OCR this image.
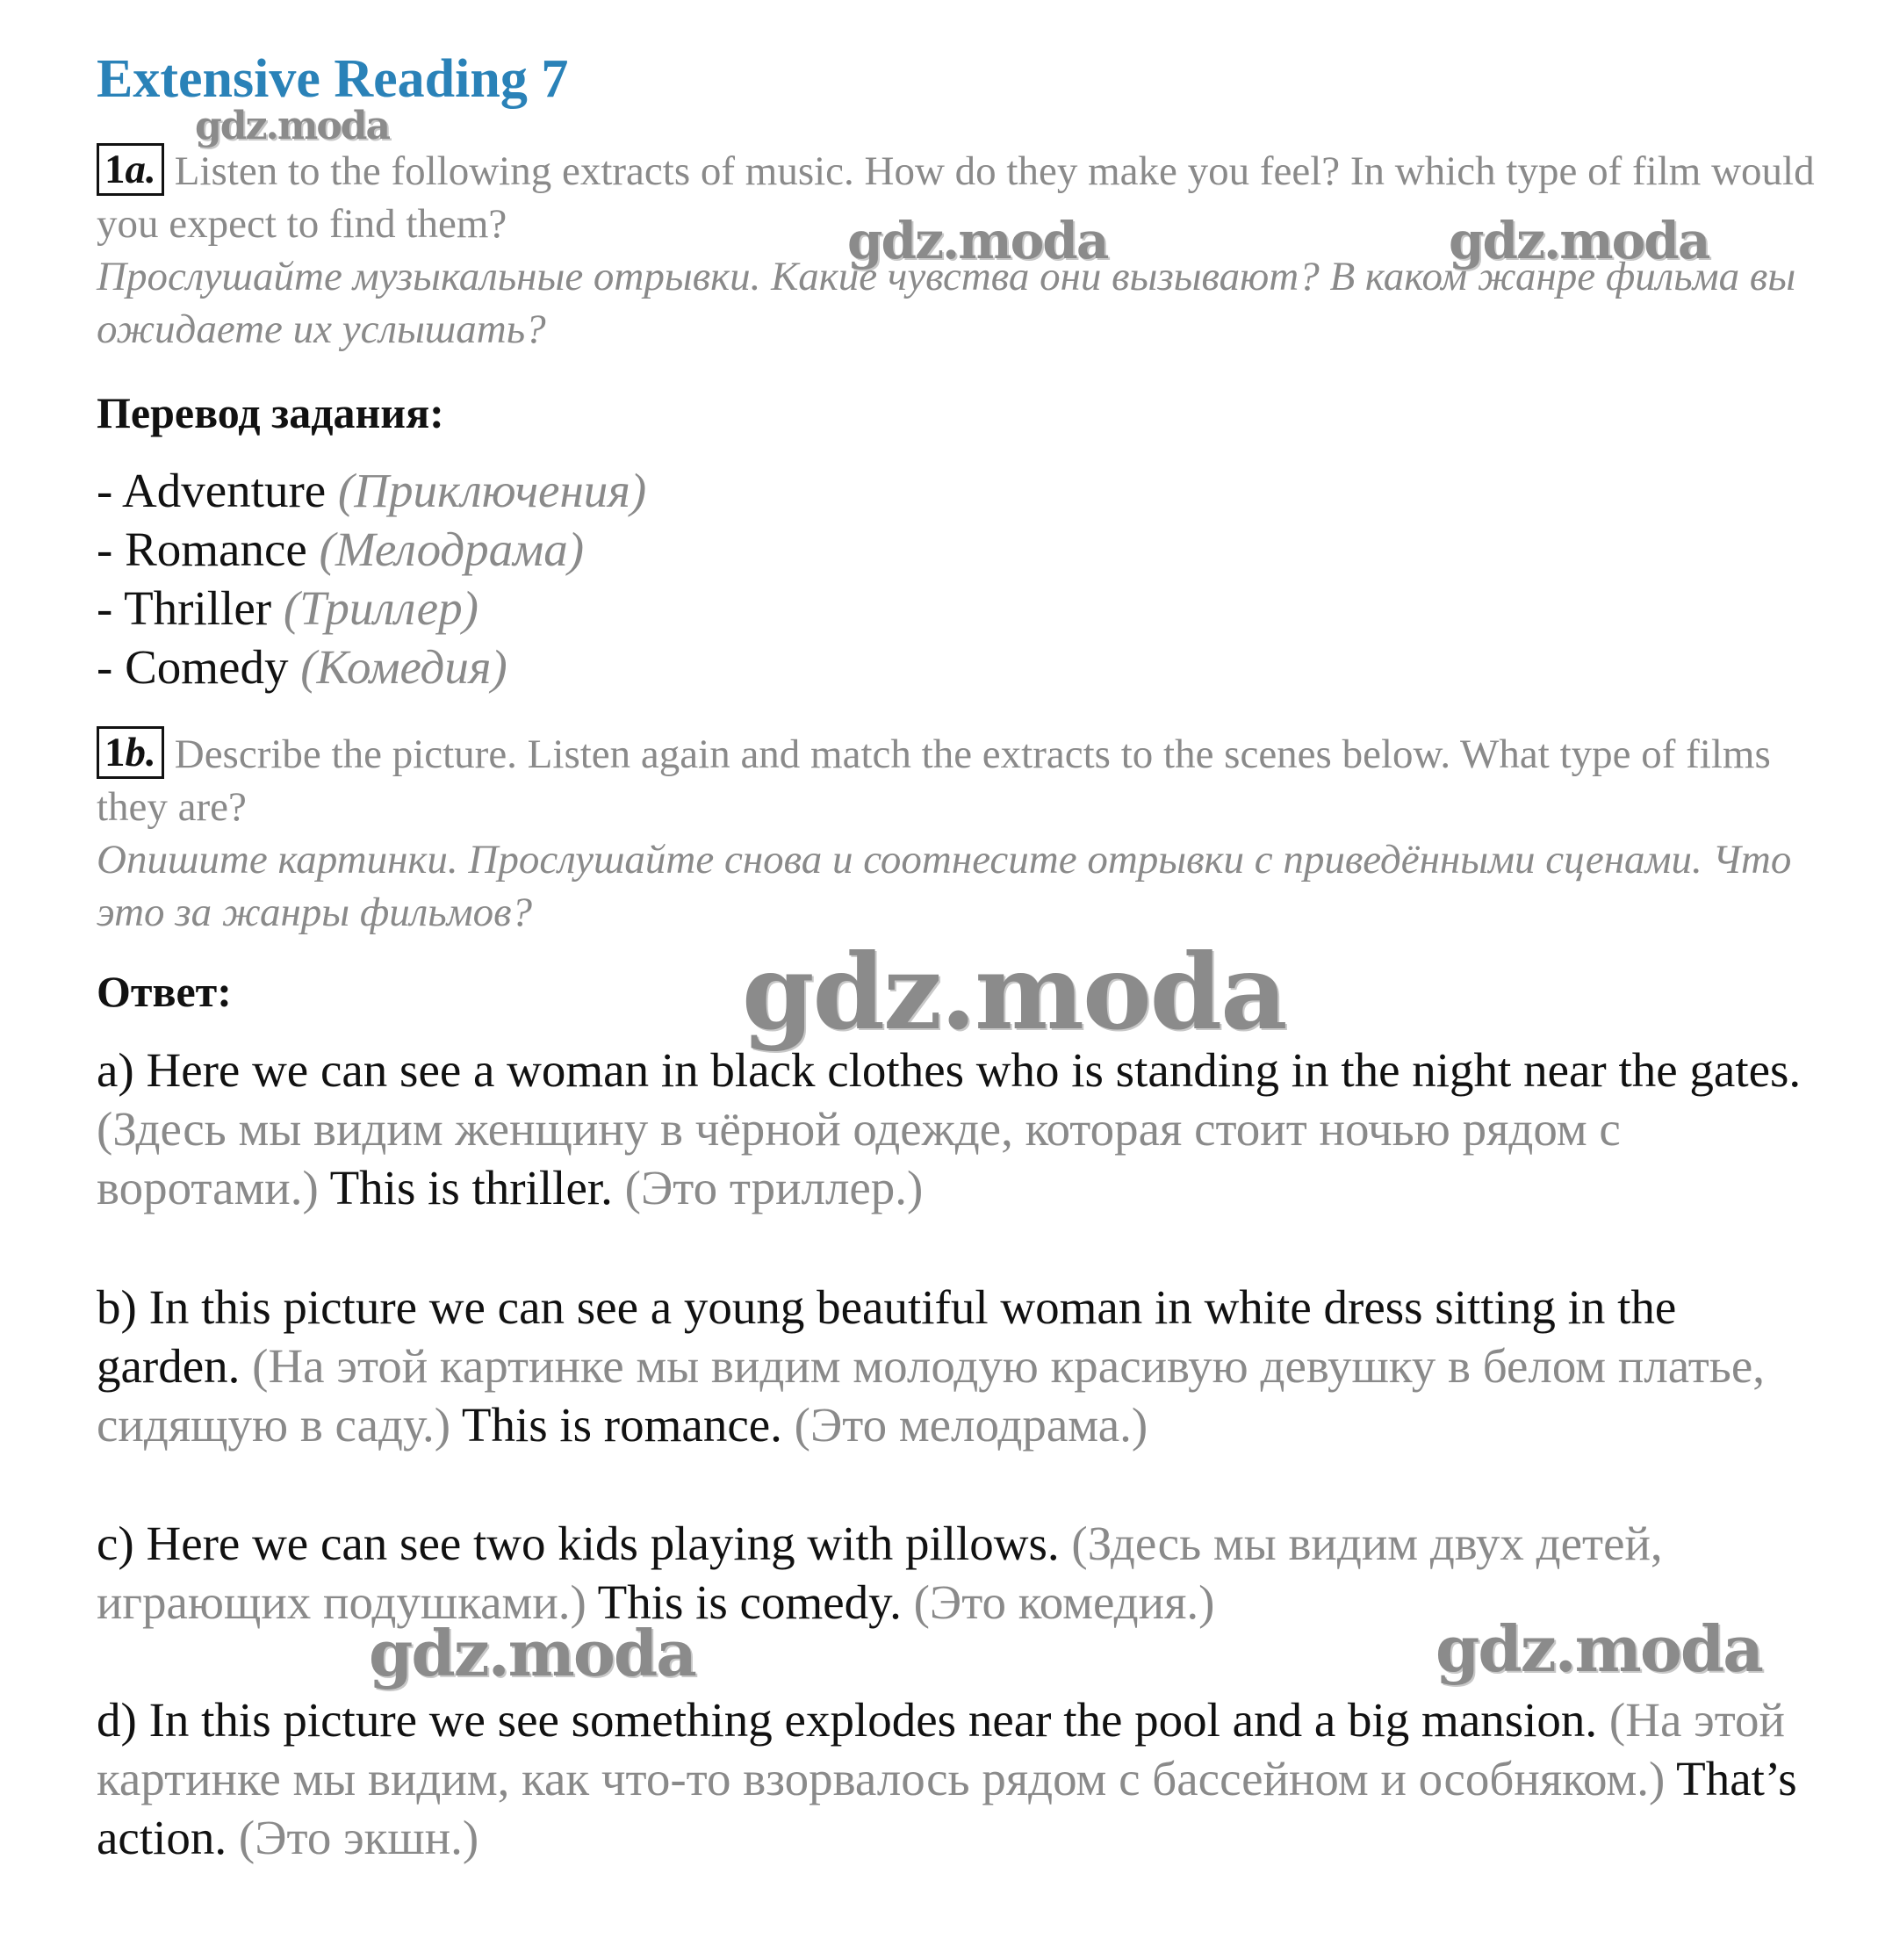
Extensive Reading 7
1a. Listen to the following extracts of music. How do they make you feel? In which type of film would you expect to find them?
Прослушайте музыкальные отрывки. Какие чувства они вызывают? В каком жанре фильма вы ожидаете их услышать?
Перевод задания:
- Adventure (Приключения)
- Romance (Мелодрама)
- Thriller (Триллер)
- Comedy (Комедия)
1b. Describe the picture. Listen again and match the extracts to the scenes below. What type of films they are?
Опишите картинки. Прослушайте снова и соотнесите отрывки с приведёнными сценами. Что это за жанры фильмов?
Ответ:
a) Here we can see a woman in black clothes who is standing in the night near the gates. (Здесь мы видим женщину в чёрной одежде, которая стоит ночью рядом с воротами.) This is thriller. (Это триллер.)
b) In this picture we can see a young beautiful woman in white dress sitting in the garden. (На этой картинке мы видим молодую красивую девушку в белом платье, сидящую в саду.) This is romance. (Это мелодрама.)
c) Here we can see two kids playing with pillows. (Здесь мы видим двух детей, играющих подушками.) This is comedy. (Это комедия.)
d) In this picture we see something explodes near the pool and a big mansion. (На этой картинке мы видим, как что-то взорвалось рядом с бассейном и особняком.) That’s action. (Это экшн.)
gdz.moda
gdz.moda	gdz.moda
gdz.moda
gdz.moda	gdz.moda
